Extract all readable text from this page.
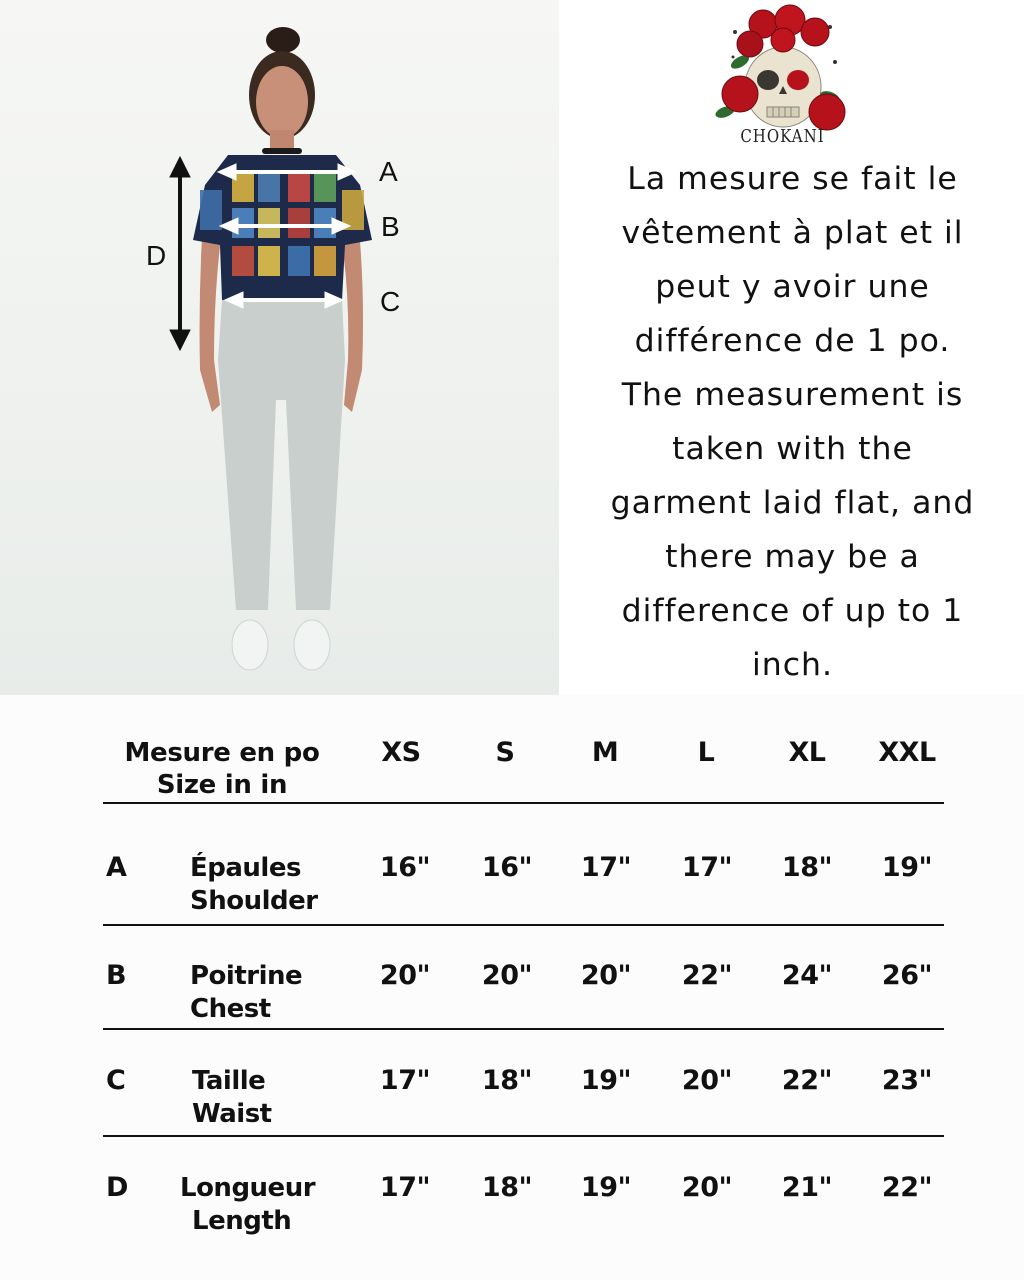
A
B
C
D
CHOKANI
La mesure se fait le
vêtement à plat et il
peut y avoir une
différence de 1 po.
The measurement is
taken with the
garment laid flat, and
there may be a
difference of up to 1
inch.
Mesure en po
Size in in
XS	S	M	L	XL	XXL
A Épaules
Shoulder
16"	16"	17"	17"	18"	19"
B Poitrine
Chest
20"	20"	20"	22"	24"	26"
C	Taille
Waist
17"	18"	19"	20"	22"	23"
D Longueur
Length
17"	18"	19"	20"	21"	22"
